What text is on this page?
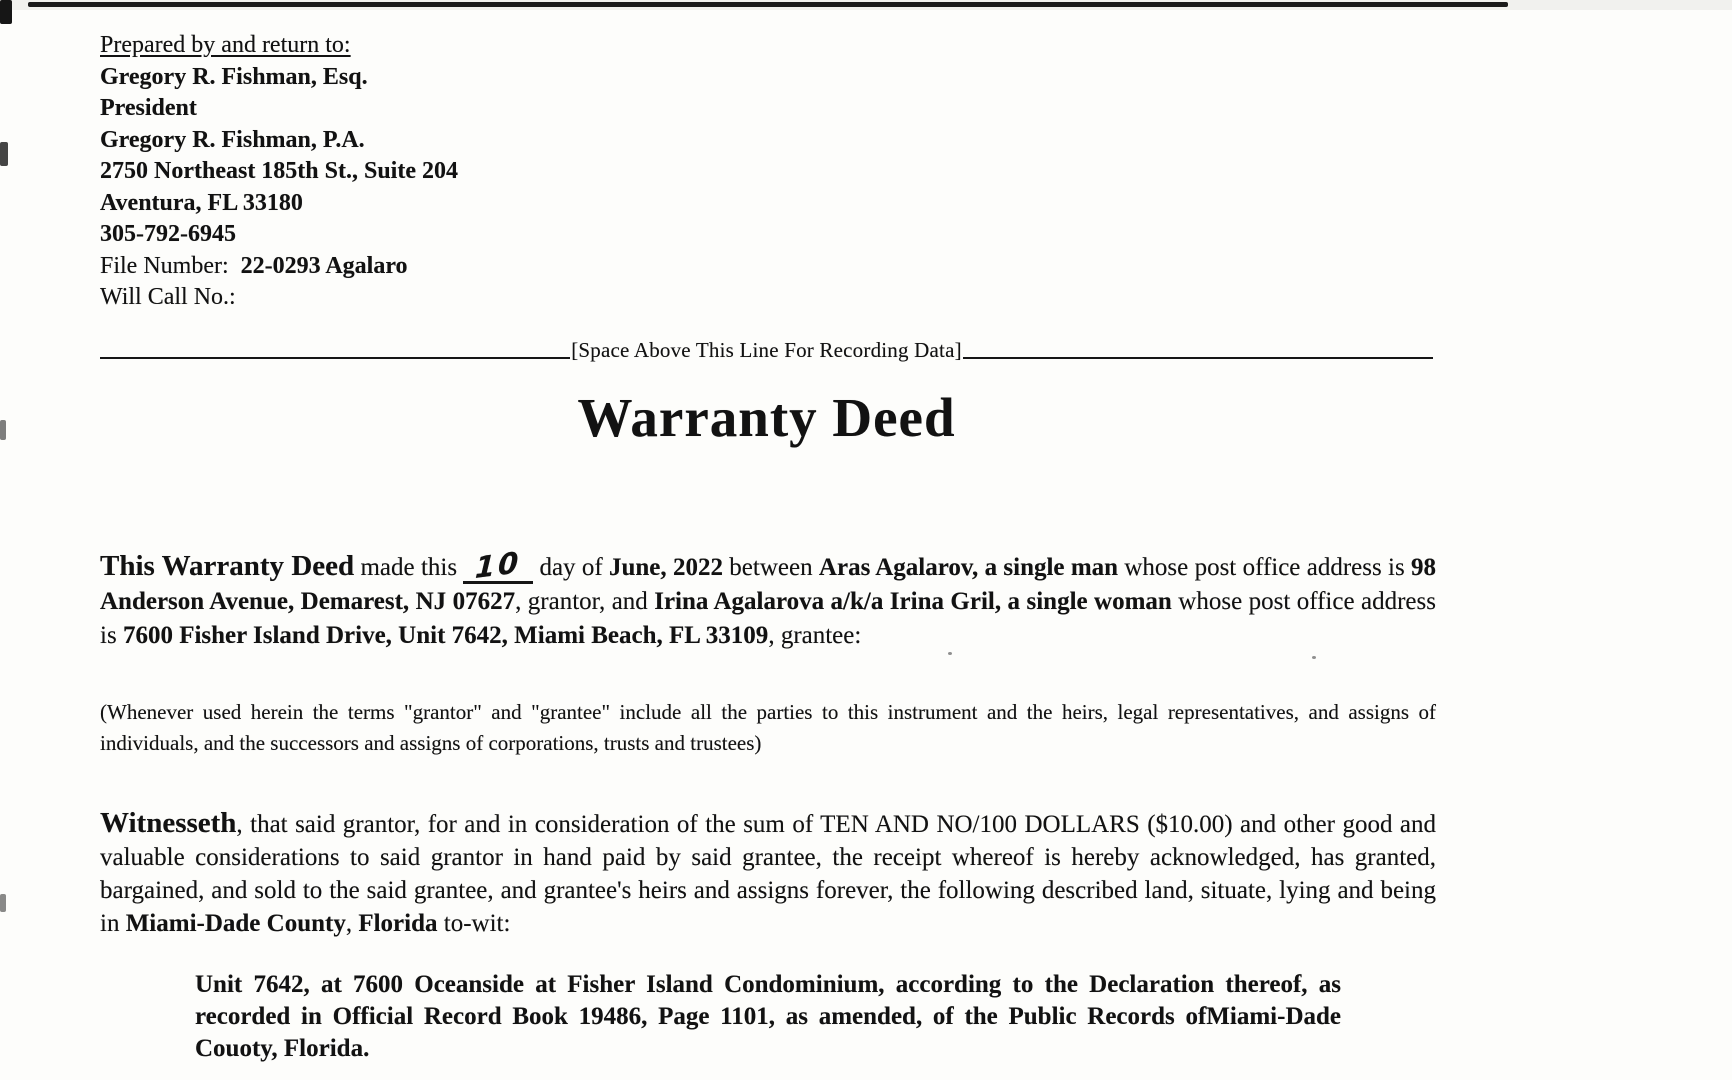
Prepared by and return to:
Gregory R. Fishman, Esq.
President
Gregory R. Fishman, P.A.
2750 Northeast 185th St., Suite 204
Aventura, FL 33180
305-792-6945
File Number:  22-0293 Agalaro
Will Call No.:
[Space Above This Line For Recording Data]
Warranty Deed

This Warranty Deed made this 10 day of June, 2022 between Aras Agalarov, a single man whose post office address is 98 Anderson Avenue, Demarest, NJ 07627, grantor, and Irina Agalarova a/k/a Irina Gril, a single woman whose post office address is 7600 Fisher Island Drive, Unit 7642, Miami Beach, FL 33109, grantee:

(Whenever used herein the terms "grantor" and "grantee" include all the parties to this instrument and the heirs, legal representatives, and assigns of individuals, and the successors and assigns of corporations, trusts and trustees)

Witnesseth, that said grantor, for and in consideration of the sum of TEN AND NO/100 DOLLARS ($10.00) and other good and valuable considerations to said grantor in hand paid by said grantee, the receipt whereof is hereby acknowledged, has granted, bargained, and sold to the said grantee, and grantee's heirs and assigns forever, the following described land, situate, lying and being in Miami-Dade County, Florida to-wit:

Unit 7642, at 7600 Oceanside at Fisher Island Condominium, according to the Declaration thereof, as recorded in Official Record Book 19486, Page 1101, as amended, of the Public Records ofMiami-Dade Couoty, Florida.
